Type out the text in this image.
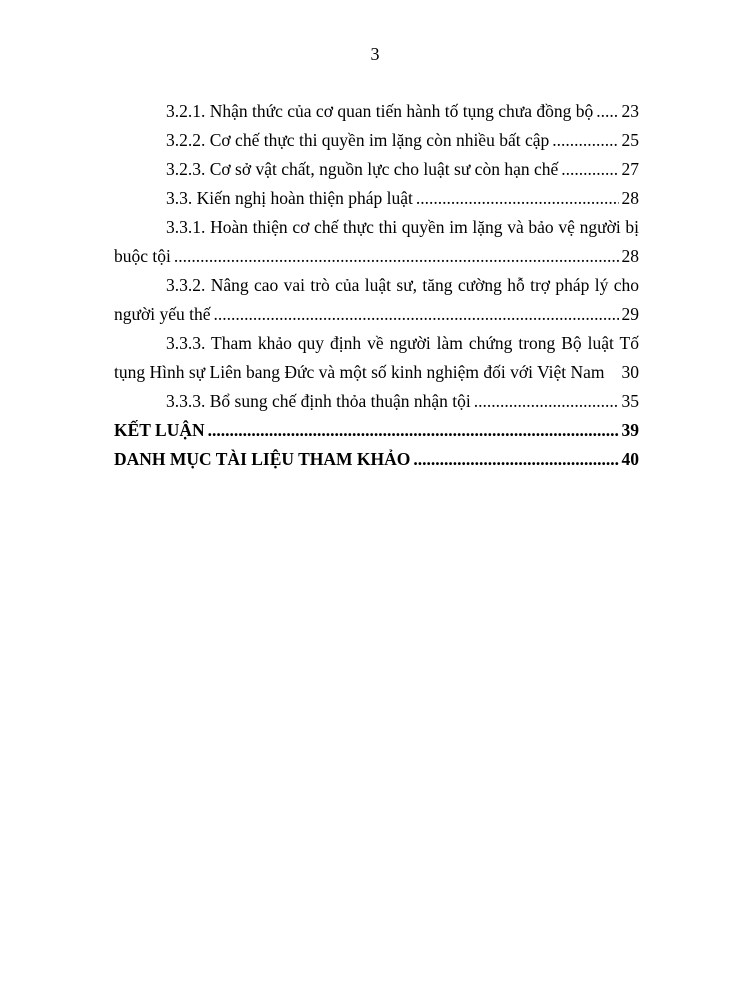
3
3.2.1. Nhận thức của cơ quan tiến hành tố tụng chưa đồng bộ ..... 23
3.2.2. Cơ chế thực thi quyền im lặng còn nhiều bất cập .....	25
3.2.3. Cơ sở vật chất, nguồn lực cho luật sư còn hạn chế .....	27
3.3. Kiến nghị hoàn thiện pháp luật .....	28
3.3.1. Hoàn thiện cơ chế thực thi quyền im lặng và bảo vệ người bị
buộc tội .....	28
3.3.2. Nâng cao vai trò của luật sư, tăng cường hỗ trợ pháp lý cho
người yếu thế .....	29
3.3.3. Tham khảo quy định về người làm chứng trong Bộ luật Tố
tụng Hình sự Liên bang Đức và một số kinh nghiệm đối với Việt Nam 30
3.3.3. Bổ sung chế định thỏa thuận nhận tội .....	35
KẾT LUẬN .....	39
DANH MỤC TÀI LIỆU THAM KHẢO .....	40
